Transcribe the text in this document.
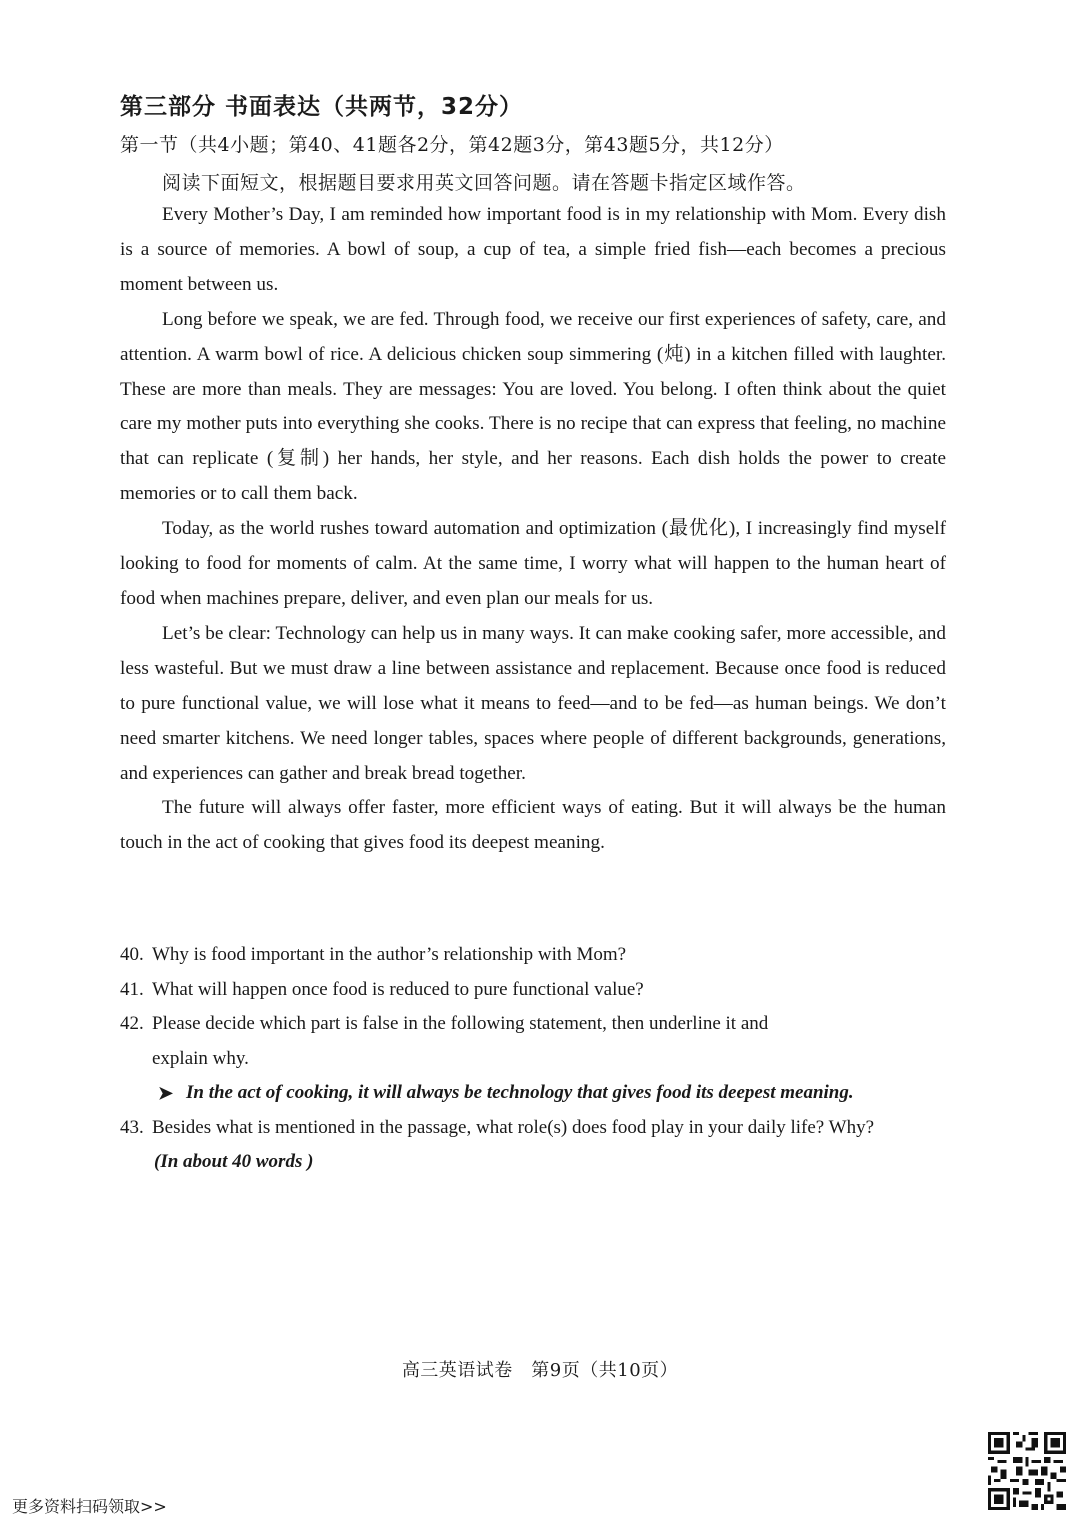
第三部分 书面表达（共两节，32分）
第一节（共4小题；第40、41题各2分，第42题3分，第43题5分，共12分）
阅读下面短文，根据题目要求用英文回答问题。请在答题卡指定区域作答。

Every Mother’s Day, I am reminded how important food is in my relationship with Mom. Every dish is a source of memories. A bowl of soup, a cup of tea, a simple fried fish—each becomes a precious moment between us.

Long before we speak, we are fed. Through food, we receive our first experiences of safety, care, and attention. A warm bowl of rice. A delicious chicken soup simmering (炖) in a kitchen filled with laughter. These are more than meals. They are messages: You are loved. You belong. I often think about the quiet care my mother puts into everything she cooks. There is no recipe that can express that feeling, no machine that can replicate (复制) her hands, her style, and her reasons. Each dish holds the power to create memories or to call them back.

Today, as the world rushes toward automation and optimization (最优化), I increasingly find myself looking to food for moments of calm. At the same time, I worry what will happen to the human heart of food when machines prepare, deliver, and even plan our meals for us.

Let’s be clear: Technology can help us in many ways. It can make cooking safer, more accessible, and less wasteful. But we must draw a line between assistance and replacement. Because once food is reduced to pure functional value, we will lose what it means to feed—and to be fed—as human beings. We don’t need smarter kitchens. We need longer tables, spaces where people of different backgrounds, generations, and experiences can gather and break bread together.

The future will always offer faster, more efficient ways of eating. But it will always be the human touch in the act of cooking that gives food its deepest meaning.

40. Why is food important in the author’s relationship with Mom?

41. What will happen once food is reduced to pure functional value?

42. Please decide which part is false in the following statement, then underline it and

explain why.

➤ In the act of cooking, it will always be technology that gives food its deepest meaning.

43. Besides what is mentioned in the passage, what role(s) does food play in your daily life? Why?

(In about 40 words )

高三英语试卷　第9页（共10页）
更多资料扫码领取>>
